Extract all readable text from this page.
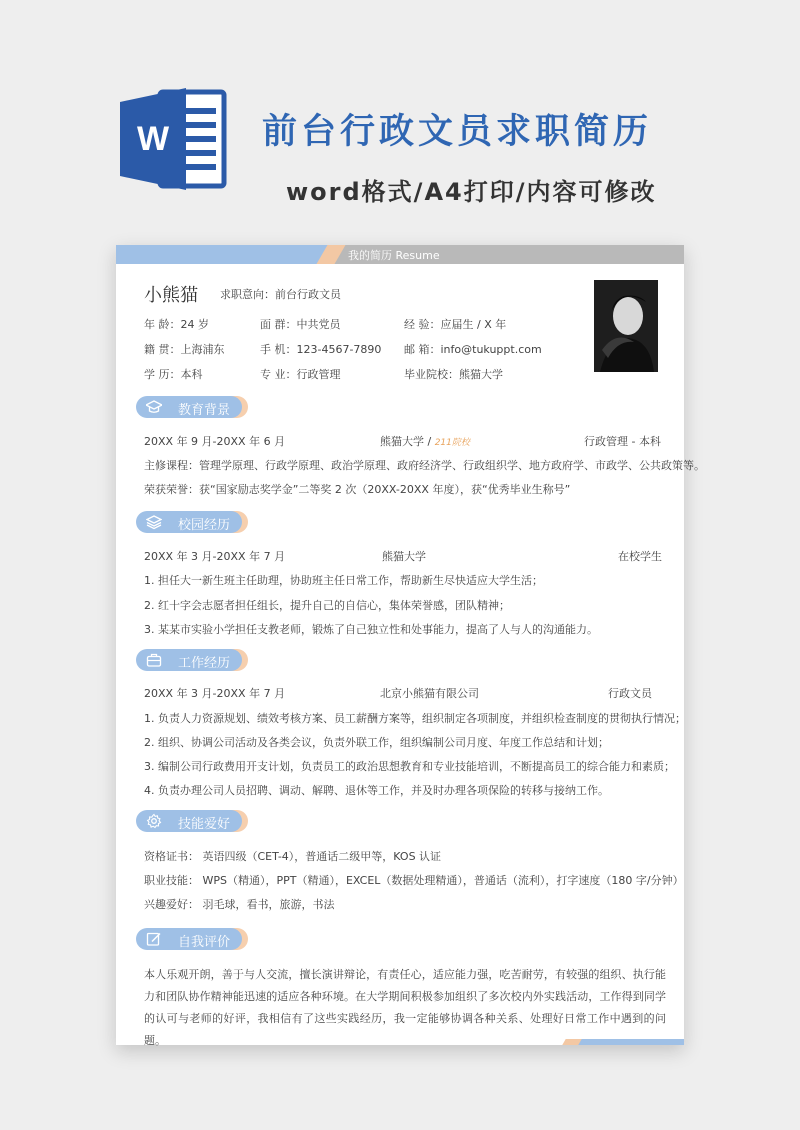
W	前台行政文员求职简历
word格式/A4打印/内容可修改
我的简历 Resume
小熊猫 求职意向：前台行政文员
年 龄：24 岁	面 群：中共党员	经 验：应届生 / X 年
籍 贯：上海浦东	手 机：123-4567-7890 邮 箱：info@tukuppt.com
学 历：本科	专 业：行政管理	毕业院校：熊猫大学
教育背景
20XX 年 9 月-20XX 年 6 月	熊猫大学 / 211院校	行政管理 - 本科
主修课程：管理学原理、行政学原理、政治学原理、政府经济学、行政组织学、地方政府学、市政学、公共政策等。
荣获荣誉：获“国家励志奖学金”二等奖 2 次（20XX-20XX 年度），获“优秀毕业生称号”
校园经历
20XX 年 3 月-20XX 年 7 月	熊猫大学	在校学生
1. 担任大一新生班主任助理，协助班主任日常工作，帮助新生尽快适应大学生活；
2. 红十字会志愿者担任组长，提升自己的自信心，集体荣誉感，团队精神；
3. 某某市实验小学担任支教老师，锻炼了自己独立性和处事能力，提高了人与人的沟通能力。
工作经历
20XX 年 3 月-20XX 年 7 月	北京小熊猫有限公司	行政文员
1. 负责人力资源规划、绩效考核方案、员工薪酬方案等，组织制定各项制度，并组织检查制度的贯彻执行情况；
2. 组织、协调公司活动及各类会议，负责外联工作，组织编制公司月度、年度工作总结和计划；
3. 编制公司行政费用开支计划，负责员工的政治思想教育和专业技能培训，不断提高员工的综合能力和素质；
4. 负责办理公司人员招聘、调动、解聘、退休等工作，并及时办理各项保险的转移与接纳工作。
技能爱好
资格证书： 英语四级（CET-4），普通话二级甲等，KOS 认证
职业技能： WPS（精通），PPT（精通），EXCEL（数据处理精通），普通话（流利），打字速度（180 字/分钟）
兴趣爱好： 羽毛球，看书，旅游，书法
自我评价
本人乐观开朗，善于与人交流，擅长演讲辩论，有责任心，适应能力强，吃苦耐劳，有较强的组织、执行能力和团队协作精神能迅速的适应各种环境。在大学期间积极参加组织了多次校内外实践活动，工作得到同学的认可与老师的好评，我相信有了这些实践经历，我一定能够协调各种关系、处理好日常工作中遇到的问题。
